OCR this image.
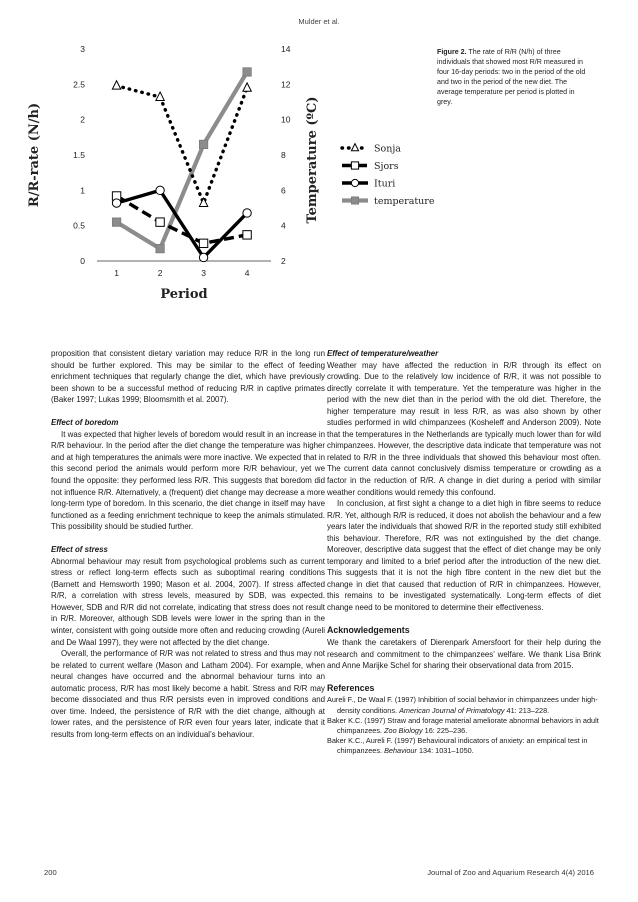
Mulder et al.
0
0.5
1
1.5
2
2.5
3
2
4
6
8
10
12
14
1	2	3	4
Period
R/R-rate (N/h)	Temperature (ºC)	Sonja
Sjors
Ituri
temperature
Figure 2. The rate of R/R (N/h) of three individuals that showed most R/R measured in four 16-day periods: two in the period of the old and two in the period of the new diet. The average temperature per period is plotted in grey.

proposition that consistent dietary variation may reduce R/R in the long run should be further explored. This may be similar to the effect of feeding enrichment techniques that regularly change the diet, which have previously been shown to be a successful method of reducing R/R in captive primates (Baker 1997; Lukas 1999; Bloomsmith et al. 2007).

Effect of boredom

It was expected that higher levels of boredom would result in an increase in R/R behaviour. In the period after the diet change the temperature was higher and at high temperatures the animals were more inactive. We expected that in this second period the animals would perform more R/R behaviour, yet we found the opposite: they performed less R/R. This suggests that boredom did not influence R/R. Alternatively, a (frequent) diet change may decrease a more long-term type of boredom. In this scenario, the diet change in itself may have functioned as a feeding enrichment technique to keep the animals stimulated. This possibility should be studied further.

Effect of stress

Abnormal behaviour may result from psychological problems such as current stress or reflect long-term effects such as suboptimal rearing conditions (Barnett and Hemsworth 1990; Mason et al. 2004, 2007). If stress affected R/R, a correlation with stress levels, measured by SDB, was expected. However, SDB and R/R did not correlate, indicating that stress does not result in R/R. Moreover, although SDB levels were lower in the spring than in the winter, consistent with going outside more often and reducing crowding (Aureli and De Waal 1997), they were not affected by the diet change.

Overall, the performance of R/R was not related to stress and thus may not be related to current welfare (Mason and Latham 2004). For example, when neural changes have occurred and the abnormal behaviour turns into an automatic process, R/R has most likely become a habit. Stress and R/R may become dissociated and thus R/R persists even in improved conditions and over time. Indeed, the persistence of R/R with the diet change, although at lower rates, and the persistence of R/R even four years later, indicate that it results from long-term effects on an individual’s behaviour.

Effect of temperature/weather

Weather may have affected the reduction in R/R through its effect on crowding. Due to the relatively low incidence of R/R, it was not possible to directly correlate it with temperature. Yet the temperature was higher in the period with the new diet than in the period with the old diet. Therefore, the higher temperature may result in less R/R, as was also shown by other studies performed in wild chimpanzees (Kosheleff and Anderson 2009). Note that the temperatures in the Netherlands are typically much lower than for wild chimpanzees. However, the descriptive data indicate that temperature was not related to R/R in the three individuals that showed this behaviour most often. The current data cannot conclusively dismiss temperature or crowding as a factor in the reduction of R/R. A change in diet during a period with similar weather conditions would remedy this confound.

In conclusion, at first sight a change to a diet high in fibre seems to reduce R/R. Yet, although R/R is reduced, it does not abolish the behaviour and a few years later the individuals that showed R/R in the reported study still exhibited this behaviour. Therefore, R/R was not extinguished by the diet change. Moreover, descriptive data suggest that the effect of diet change may be only temporary and limited to a brief period after the introduction of the new diet. This suggests that it is not the high fibre content in the new diet but the change in diet that caused that reduction of R/R in chimpanzees. However, this remains to be investigated systematically. Long-term effects of diet change need to be monitored to determine their effectiveness.

Acknowledgements

We thank the caretakers of Dierenpark Amersfoort for their help during the research and commitment to the chimpanzees’ welfare. We thank Lisa Brink and Anne Marijke Schel for sharing their observational data from 2015.

References

Aureli F., De Waal F. (1997) Inhibition of social behavior in chimpanzees under high-density conditions. American Journal of Primatology 41: 213–228.

Baker K.C. (1997) Straw and forage material ameliorate abnormal behaviors in adult chimpanzees. Zoo Biology 16: 225–236.

Baker K.C., Aureli F. (1997) Behavioural indicators of anxiety: an empirical test in chimpanzees. Behaviour 134: 1031–1050.

200	Journal of Zoo and Aquarium Research 4(4) 2016
